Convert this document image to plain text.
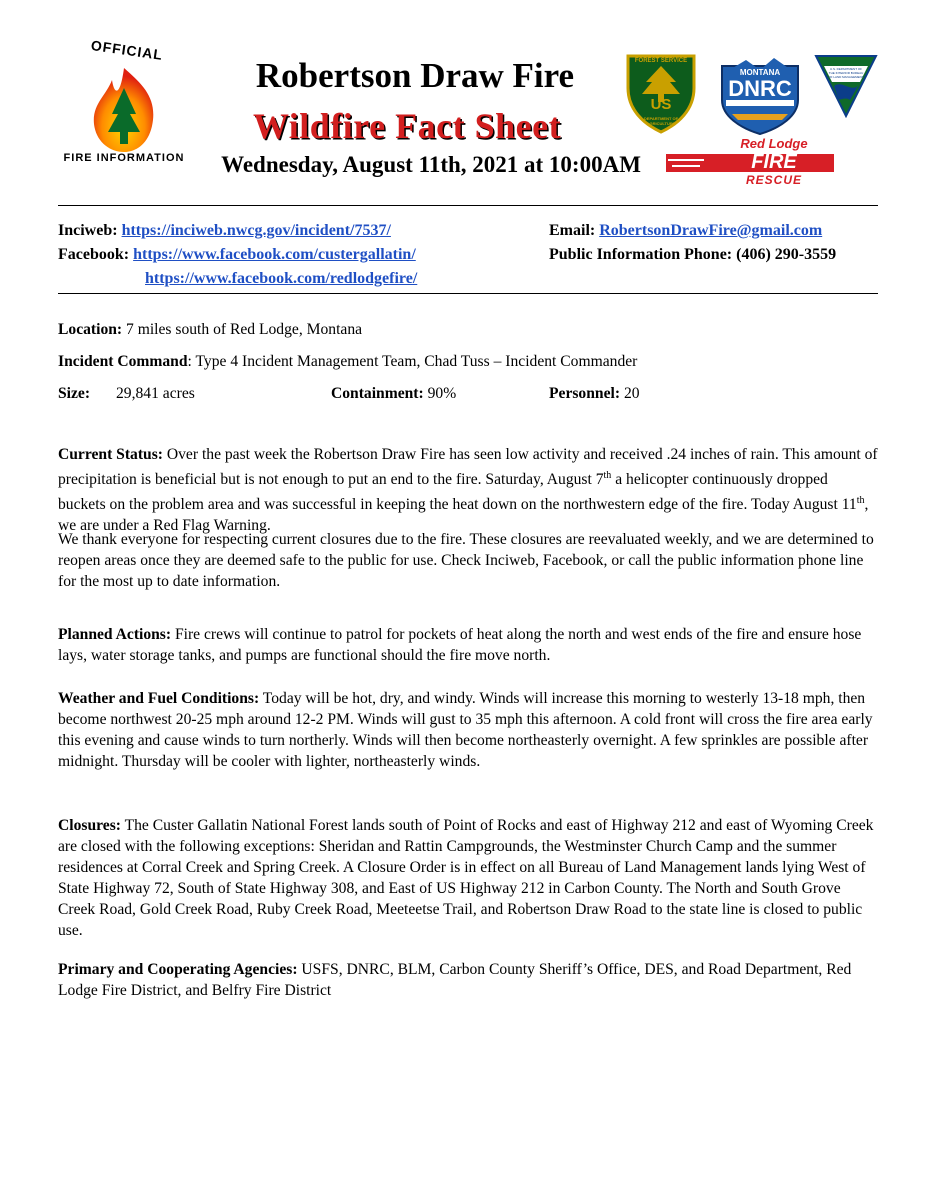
OFFICIAL
FIRE INFORMATION
FOREST SERVICE
US
DEPARTMENT OF AGRICULTURE
MONTANA
DNRC
U.S. DEPARTMENT OF THE INTERIOR BUREAU OF LAND MANAGEMENT
Red Lodge
FIRE
RESCUE
Robertson Draw Fire
Wildfire Fact Sheet
Wednesday, August 11th, 2021 at 10:00AM
Inciweb: https://inciweb.nwcg.gov/incident/7537/
Facebook: https://www.facebook.com/custergallatin/
https://www.facebook.com/redlodgefire/
Email: RobertsonDrawFire@gmail.com
Public Information Phone: (406) 290-3559
Location: 7 miles south of Red Lodge, Montana
Incident Command: Type 4 Incident Management Team, Chad Tuss – Incident Commander
Size: 29,841 acres	Containment: 90%	Personnel: 20
Current Status: Over the past week the Robertson Draw Fire has seen low activity and received .24 inches of rain. This amount of precipitation is beneficial but is not enough to put an end to the fire. Saturday, August 7th a helicopter continuously dropped buckets on the problem area and was successful in keeping the heat down on the northwestern edge of the fire. Today August 11th, we are under a Red Flag Warning.
We thank everyone for respecting current closures due to the fire. These closures are reevaluated weekly, and we are determined to reopen areas once they are deemed safe to the public for use. Check Inciweb, Facebook, or call the public information phone line for the most up to date information.
Planned Actions: Fire crews will continue to patrol for pockets of heat along the north and west ends of the fire and ensure hose lays, water storage tanks, and pumps are functional should the fire move north.
Weather and Fuel Conditions: Today will be hot, dry, and windy. Winds will increase this morning to westerly 13-18 mph, then become northwest 20-25 mph around 12-2 PM. Winds will gust to 35 mph this afternoon. A cold front will cross the fire area early this evening and cause winds to turn northerly. Winds will then become northeasterly overnight. A few sprinkles are possible after midnight. Thursday will be cooler with lighter, northeasterly winds.
Closures: The Custer Gallatin National Forest lands south of Point of Rocks and east of Highway 212 and east of Wyoming Creek are closed with the following exceptions: Sheridan and Rattin Campgrounds, the Westminster Church Camp and the summer residences at Corral Creek and Spring Creek. A Closure Order is in effect on all Bureau of Land Management lands lying West of State Highway 72, South of State Highway 308, and East of US Highway 212 in Carbon County. The North and South Grove Creek Road, Gold Creek Road, Ruby Creek Road, Meeteetse Trail, and Robertson Draw Road to the state line is closed to public use.
Primary and Cooperating Agencies: USFS, DNRC, BLM, Carbon County Sheriff’s Office, DES, and Road Department, Red Lodge Fire District, and Belfry Fire District
